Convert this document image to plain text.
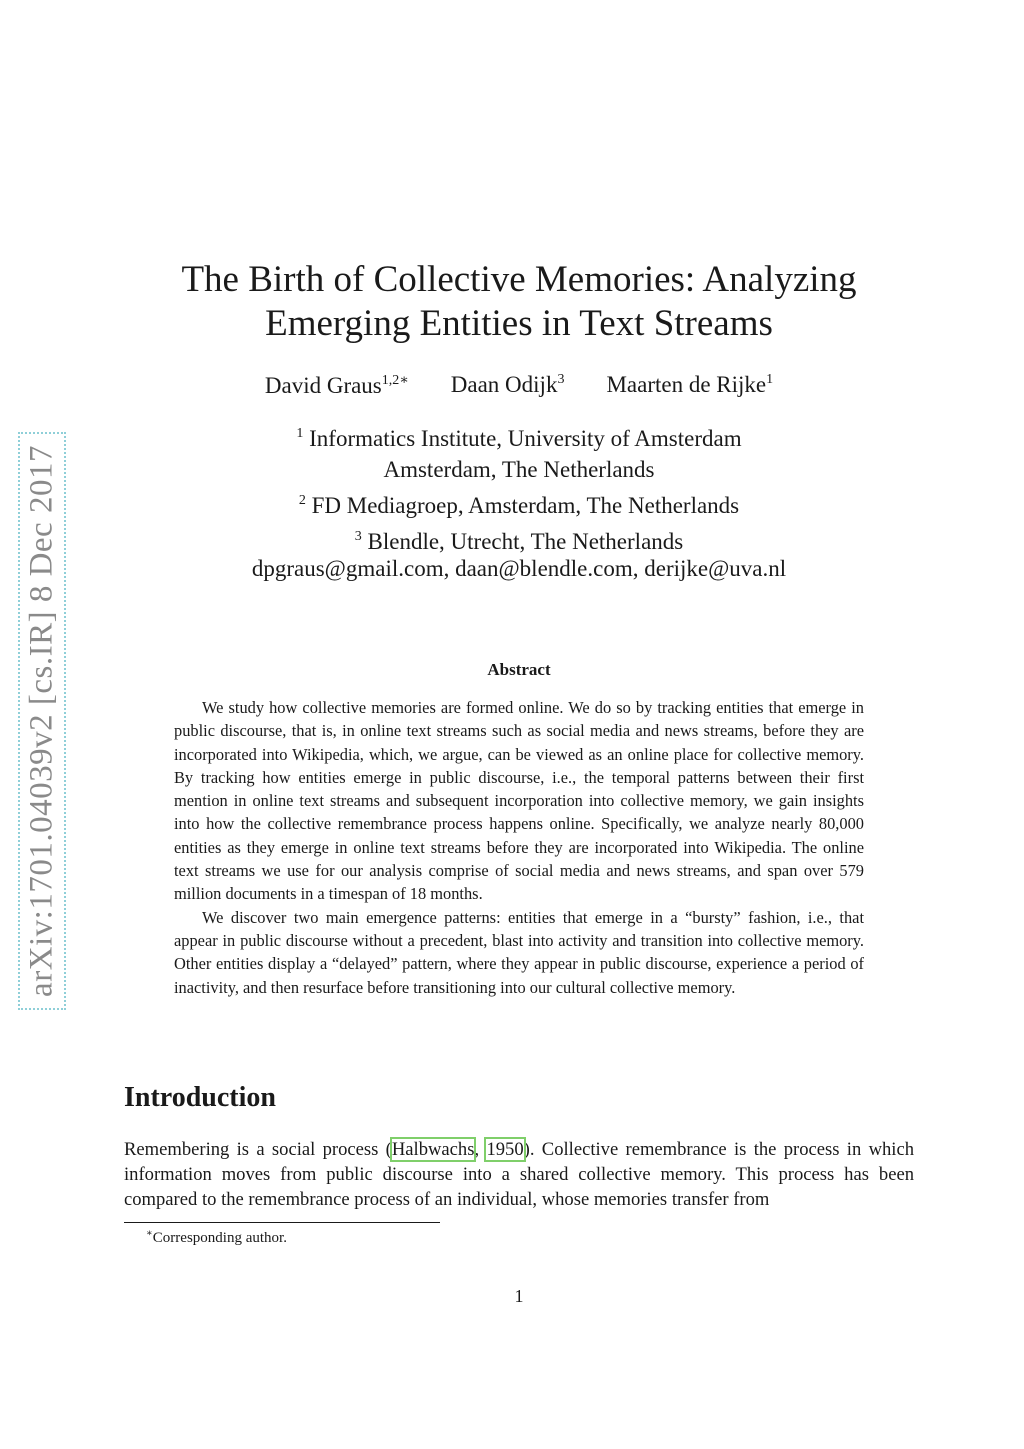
arXiv:1701.04039v2 [cs.IR] 8 Dec 2017
The Birth of Collective Memories: Analyzing
Emerging Entities in Text Streams
David Graus$^{1,2∗}$ Daan Odijk$^3$ Maarten de Rijke$^1$
$^1$ Informatics Institute, University of Amsterdam
Amsterdam, The Netherlands
$^2$ FD Mediagroep, Amsterdam, The Netherlands
$^3$ Blendle, Utrecht, The Netherlands
dpgraus@gmail.com, daan@blendle.com, derijke@uva.nl
Abstract

We study how collective memories are formed online. We do so by tracking entities that emerge in public discourse, that is, in online text streams such as social media and news streams, before they are incorporated into Wikipedia, which, we argue, can be viewed as an online place for collective memory. By tracking how entities emerge in public discourse, i.e., the temporal patterns between their first mention in online text streams and subsequent incorporation into collective memory, we gain insights into how the collective remembrance process happens online. Specifically, we analyze nearly 80,000 entities as they emerge in online text streams before they are incorporated into Wikipedia. The online text streams we use for our analysis comprise of social media and news streams, and span over 579 million documents in a timespan of 18 months.

We discover two main emergence patterns: entities that emerge in a “bursty” fashion, i.e., that appear in public discourse without a precedent, blast into activity and transition into collective memory. Other entities display a “delayed” pattern, where they appear in public discourse, experience a period of inactivity, and then resurface before transitioning into our cultural collective memory.

Introduction

Remembering is a social process (Halbwachs, 1950). Collective remembrance is the process in which information moves from public discourse into a shared collective memory. This process has been compared to the remembrance process of an individual, whose memories transfer from

∗Corresponding author.
1
